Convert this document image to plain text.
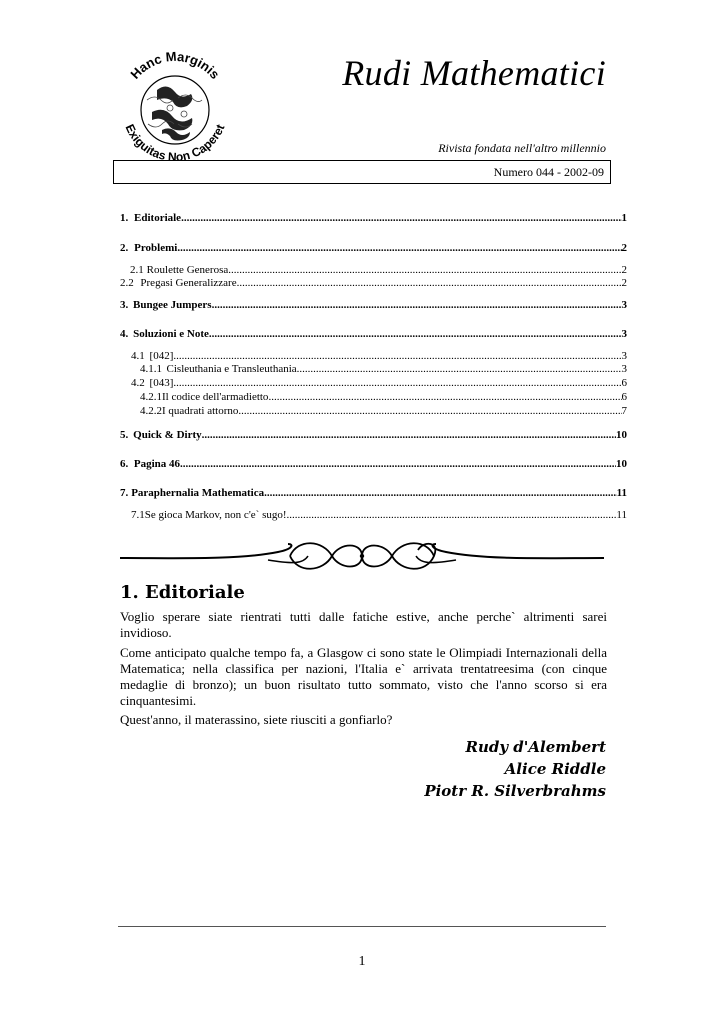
Hanc Marginis
Exiguitas Non Caperet
Rudi Mathematici
Rivista fondata nell'altro millennio
Numero 044 - 2002-09
1. Editoriale .....	1
2. Problemi .....	2
2.1 Roulette Generosa .....	2
2.2 Pregasi Generalizzare .....	2
3. Bungee Jumpers .....	3
4. Soluzioni e Note .....	3
4.1 [042] .....	3
4.1.1 Cisleuthania e Transleuthania .....	3
4.2 [043] .....	6
4.2.1 Il codice dell'armadietto .....	6
4.2.2 I quadrati attorno .....	7
5. Quick & Dirty .....	10
6. Pagina 46 .....	10
7. Paraphernalia Mathematica .....	11
7.1 Se gioca Markov, non c'e` sugo! .....	11
1. Editoriale
Voglio sperare siate rientrati tutti dalle fatiche estive, anche perche` altrimenti sarei invidioso.
Come anticipato qualche tempo fa, a Glasgow ci sono state le Olimpiadi Internazionali della Matematica; nella classifica per nazioni, l'Italia e` arrivata trentatreesima (con cinque medaglie di bronzo); un buon risultato tutto sommato, visto che l'anno scorso si era cinquantesimi.
Quest'anno, il materassino, siete riusciti a gonfiarlo?
Rudy d'Alembert
Alice Riddle
Piotr R. Silverbrahms
1
